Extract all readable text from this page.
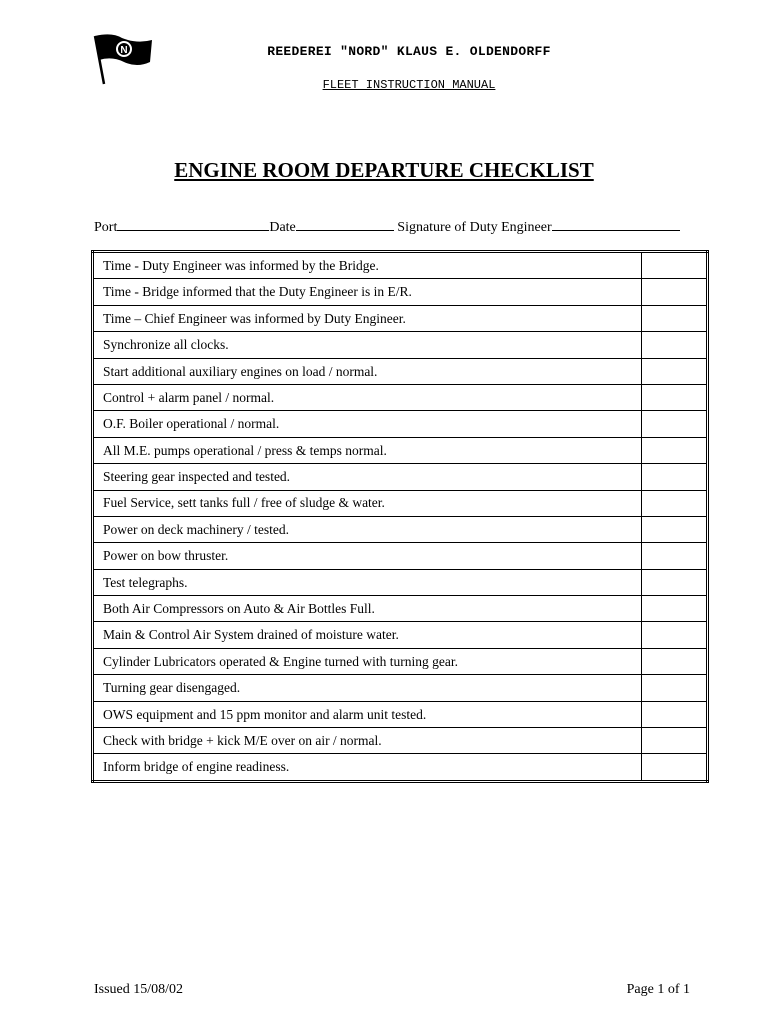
N	REEDEREI "NORD" KLAUS E. OLDENDORFF
FLEET INSTRUCTION MANUAL
ENGINE ROOM DEPARTURE CHECKLIST
Port	Date	Signature of Duty Engineer
Time - Duty Engineer was informed by the Bridge.	
Time - Bridge informed that the Duty Engineer is in E/R.	
Time – Chief Engineer was informed by Duty Engineer.	
Synchronize all clocks.	
Start additional auxiliary engines on load / normal.	
Control + alarm panel / normal.	
O.F. Boiler operational / normal.	
All M.E. pumps operational / press & temps normal.	
Steering gear inspected and tested.	
Fuel Service, sett tanks full / free of sludge & water.	
Power on deck machinery / tested.	
Power on bow thruster.	
Test telegraphs.	
Both Air Compressors on Auto & Air Bottles Full.	
Main & Control Air System drained of moisture water.	
Cylinder Lubricators operated & Engine turned with turning gear.	
Turning gear disengaged.	
OWS equipment and 15 ppm monitor and alarm unit tested.	
Check with bridge + kick M/E over on air / normal.	
Inform bridge of engine readiness.	
Issued 15/08/02	Page 1 of 1
